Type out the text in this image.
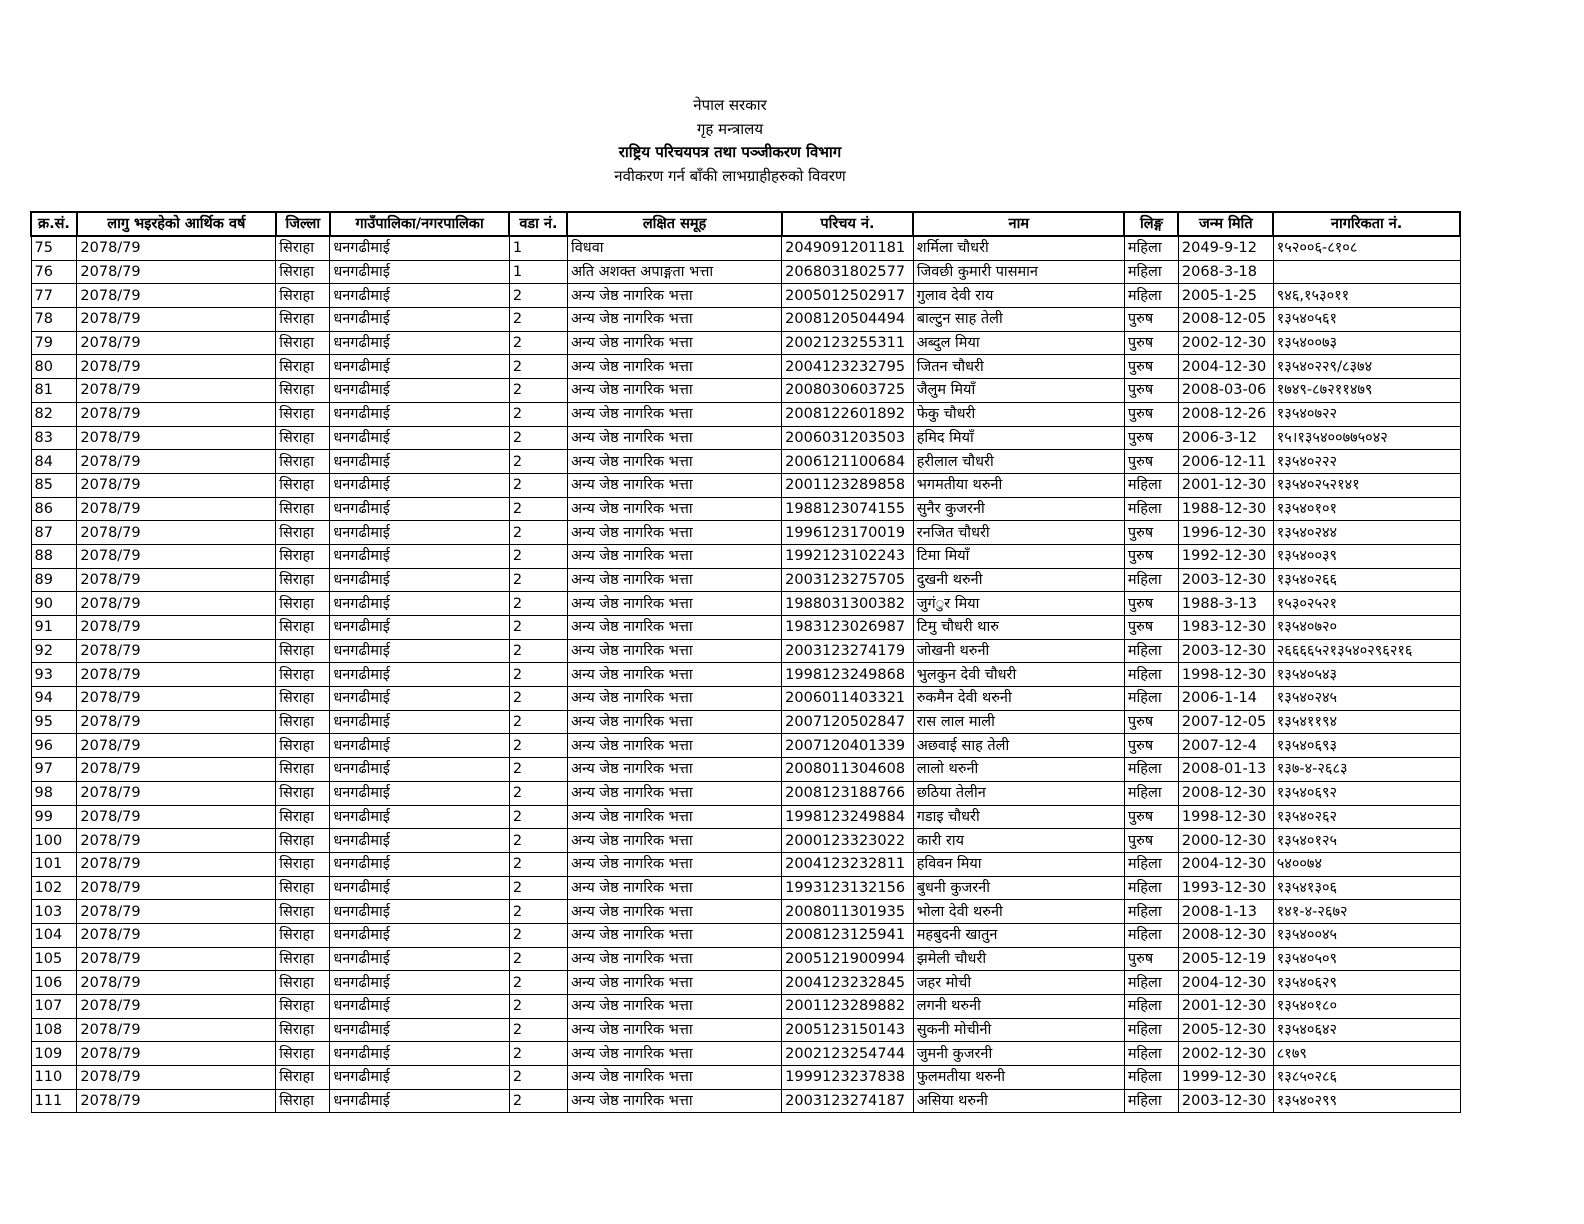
नेपाल सरकार
गृह मन्त्रालय
राष्ट्रिय परिचयपत्र तथा पञ्जीकरण विभाग
नवीकरण गर्न बाँकी लाभग्राहीहरुको विवरण
क्र.सं.	लागु भइरहेको आर्थिक वर्ष	जिल्ला	गाउँपालिका/नगरपालिका	वडा नं.	लक्षित समूह	परिचय नं.	नाम	लिङ्ग	जन्म मिति	नागरिकता नं.
75	2078/79	सिराहा	धनगढीमाई	1	विधवा	2049091201181	शर्मिला चौधरी	महिला	2049-9-12	१५२००६-८१०८
76	2078/79	सिराहा	धनगढीमाई	1	अति अशक्त अपाङ्गता भत्ता	2068031802577	जिवछी कुमारी पासमान	महिला	2068-3-18	
77	2078/79	सिराहा	धनगढीमाई	2	अन्य जेष्ठ नागरिक भत्ता	2005012502917	गुलाव देवी राय	महिला	2005-1-25	९४६,१५३०११
78	2078/79	सिराहा	धनगढीमाई	2	अन्य जेष्ठ नागरिक भत्ता	2008120504494	बाल्टुन साह तेली	पुरुष	2008-12-05	१३५४०५६१
79	2078/79	सिराहा	धनगढीमाई	2	अन्य जेष्ठ नागरिक भत्ता	2002123255311	अब्दुल मिया	पुरुष	2002-12-30	१३५४००७३
80	2078/79	सिराहा	धनगढीमाई	2	अन्य जेष्ठ नागरिक भत्ता	2004123232795	जितन चौधरी	पुरुष	2004-12-30	१३५४०२२९/८३७४
81	2078/79	सिराहा	धनगढीमाई	2	अन्य जेष्ठ नागरिक भत्ता	2008030603725	जैलुम मियाँ	पुरुष	2008-03-06	१७४९-८७२११४७९
82	2078/79	सिराहा	धनगढीमाई	2	अन्य जेष्ठ नागरिक भत्ता	2008122601892	फेकु चौधरी	पुरुष	2008-12-26	१३५४०७२२
83	2078/79	सिराहा	धनगढीमाई	2	अन्य जेष्ठ नागरिक भत्ता	2006031203503	हमिद मियाँ	पुरुष	2006-3-12	१५।१३५४००७७५०४२
84	2078/79	सिराहा	धनगढीमाई	2	अन्य जेष्ठ नागरिक भत्ता	2006121100684	हरीलाल चौधरी	पुरुष	2006-12-11	१३५४०२२२
85	2078/79	सिराहा	धनगढीमाई	2	अन्य जेष्ठ नागरिक भत्ता	2001123289858	भगमतीया थरुनी	महिला	2001-12-30	१३५४०२५२१४१
86	2078/79	सिराहा	धनगढीमाई	2	अन्य जेष्ठ नागरिक भत्ता	1988123074155	सुनैर कुजरनी	महिला	1988-12-30	१३५४०१०१
87	2078/79	सिराहा	धनगढीमाई	2	अन्य जेष्ठ नागरिक भत्ता	1996123170019	रनजित चाैधरी	पुरुष	1996-12-30	१३५४०२४४
88	2078/79	सिराहा	धनगढीमाई	2	अन्य जेष्ठ नागरिक भत्ता	1992123102243	टिमा मियाँ	पुरुष	1992-12-30	१३५४००३९
89	2078/79	सिराहा	धनगढीमाई	2	अन्य जेष्ठ नागरिक भत्ता	2003123275705	दुखनी थरुनी	महिला	2003-12-30	१३५४०२६६
90	2078/79	सिराहा	धनगढीमाई	2	अन्य जेष्ठ नागरिक भत्ता	1988031300382	जुगंुर मिया	पुरुष	1988-3-13	१५३०२५२१
91	2078/79	सिराहा	धनगढीमाई	2	अन्य जेष्ठ नागरिक भत्ता	1983123026987	टिमु चौधरी थारु	पुरुष	1983-12-30	१३५४०७२०
92	2078/79	सिराहा	धनगढीमाई	2	अन्य जेष्ठ नागरिक भत्ता	2003123274179	जोखनी थरुनी	महिला	2003-12-30	२६६६६५२१३५४०२९६२१६
93	2078/79	सिराहा	धनगढीमाई	2	अन्य जेष्ठ नागरिक भत्ता	1998123249868	भुलकुन देवी चौधरी	महिला	1998-12-30	१३५४०५४३
94	2078/79	सिराहा	धनगढीमाई	2	अन्य जेष्ठ नागरिक भत्ता	2006011403321	रुकमैन देवी थरुनी	महिला	2006-1-14	१३५४०२४५
95	2078/79	सिराहा	धनगढीमाई	2	अन्य जेष्ठ नागरिक भत्ता	2007120502847	रास लाल माली	पुरुष	2007-12-05	१३५४११९४
96	2078/79	सिराहा	धनगढीमाई	2	अन्य जेष्ठ नागरिक भत्ता	2007120401339	अछवाई साह तेली	पुरुष	2007-12-4	१३५४०६९३
97	2078/79	सिराहा	धनगढीमाई	2	अन्य जेष्ठ नागरिक भत्ता	2008011304608	लालो थरुनी	महिला	2008-01-13	१३७-४-२६८३
98	2078/79	सिराहा	धनगढीमाई	2	अन्य जेष्ठ नागरिक भत्ता	2008123188766	छठिया तेलीन	महिला	2008-12-30	१३५४०६९२
99	2078/79	सिराहा	धनगढीमाई	2	अन्य जेष्ठ नागरिक भत्ता	1998123249884	गडाइ चौधरी	पुरुष	1998-12-30	१३५४०२६२
100	2078/79	सिराहा	धनगढीमाई	2	अन्य जेष्ठ नागरिक भत्ता	2000123323022	कारी राय	पुरुष	2000-12-30	१३५४०१२५
101	2078/79	सिराहा	धनगढीमाई	2	अन्य जेष्ठ नागरिक भत्ता	2004123232811	हविवन मिया	महिला	2004-12-30	५४००७४
102	2078/79	सिराहा	धनगढीमाई	2	अन्य जेष्ठ नागरिक भत्ता	1993123132156	बुधनी कुजरनी	महिला	1993-12-30	१३५४१३०६
103	2078/79	सिराहा	धनगढीमाई	2	अन्य जेष्ठ नागरिक भत्ता	2008011301935	भोला देवी थरुनी	महिला	2008-1-13	१४१-४-२६७२
104	2078/79	सिराहा	धनगढीमाई	2	अन्य जेष्ठ नागरिक भत्ता	2008123125941	महबुदनी खातुन	महिला	2008-12-30	१३५४००४५
105	2078/79	सिराहा	धनगढीमाई	2	अन्य जेष्ठ नागरिक भत्ता	2005121900994	झमेली चौधरी	पुरुष	2005-12-19	१३५४०५०९
106	2078/79	सिराहा	धनगढीमाई	2	अन्य जेष्ठ नागरिक भत्ता	2004123232845	जहर मोची	महिला	2004-12-30	१३५४०६२९
107	2078/79	सिराहा	धनगढीमाई	2	अन्य जेष्ठ नागरिक भत्ता	2001123289882	लगनी थरुनी	महिला	2001-12-30	१३५४०१८०
108	2078/79	सिराहा	धनगढीमाई	2	अन्य जेष्ठ नागरिक भत्ता	2005123150143	सुकनी मोचीनी	महिला	2005-12-30	१३५४०६४२
109	2078/79	सिराहा	धनगढीमाई	2	अन्य जेष्ठ नागरिक भत्ता	2002123254744	जुमनी कुजरनी	महिला	2002-12-30	८१७९
110	2078/79	सिराहा	धनगढीमाई	2	अन्य जेष्ठ नागरिक भत्ता	1999123237838	फुलमतीया थरुनी	महिला	1999-12-30	१३८५०२८६
111	2078/79	सिराहा	धनगढीमाई	2	अन्य जेष्ठ नागरिक भत्ता	2003123274187	असिया थरुनी	महिला	2003-12-30	१३५४०२९९
